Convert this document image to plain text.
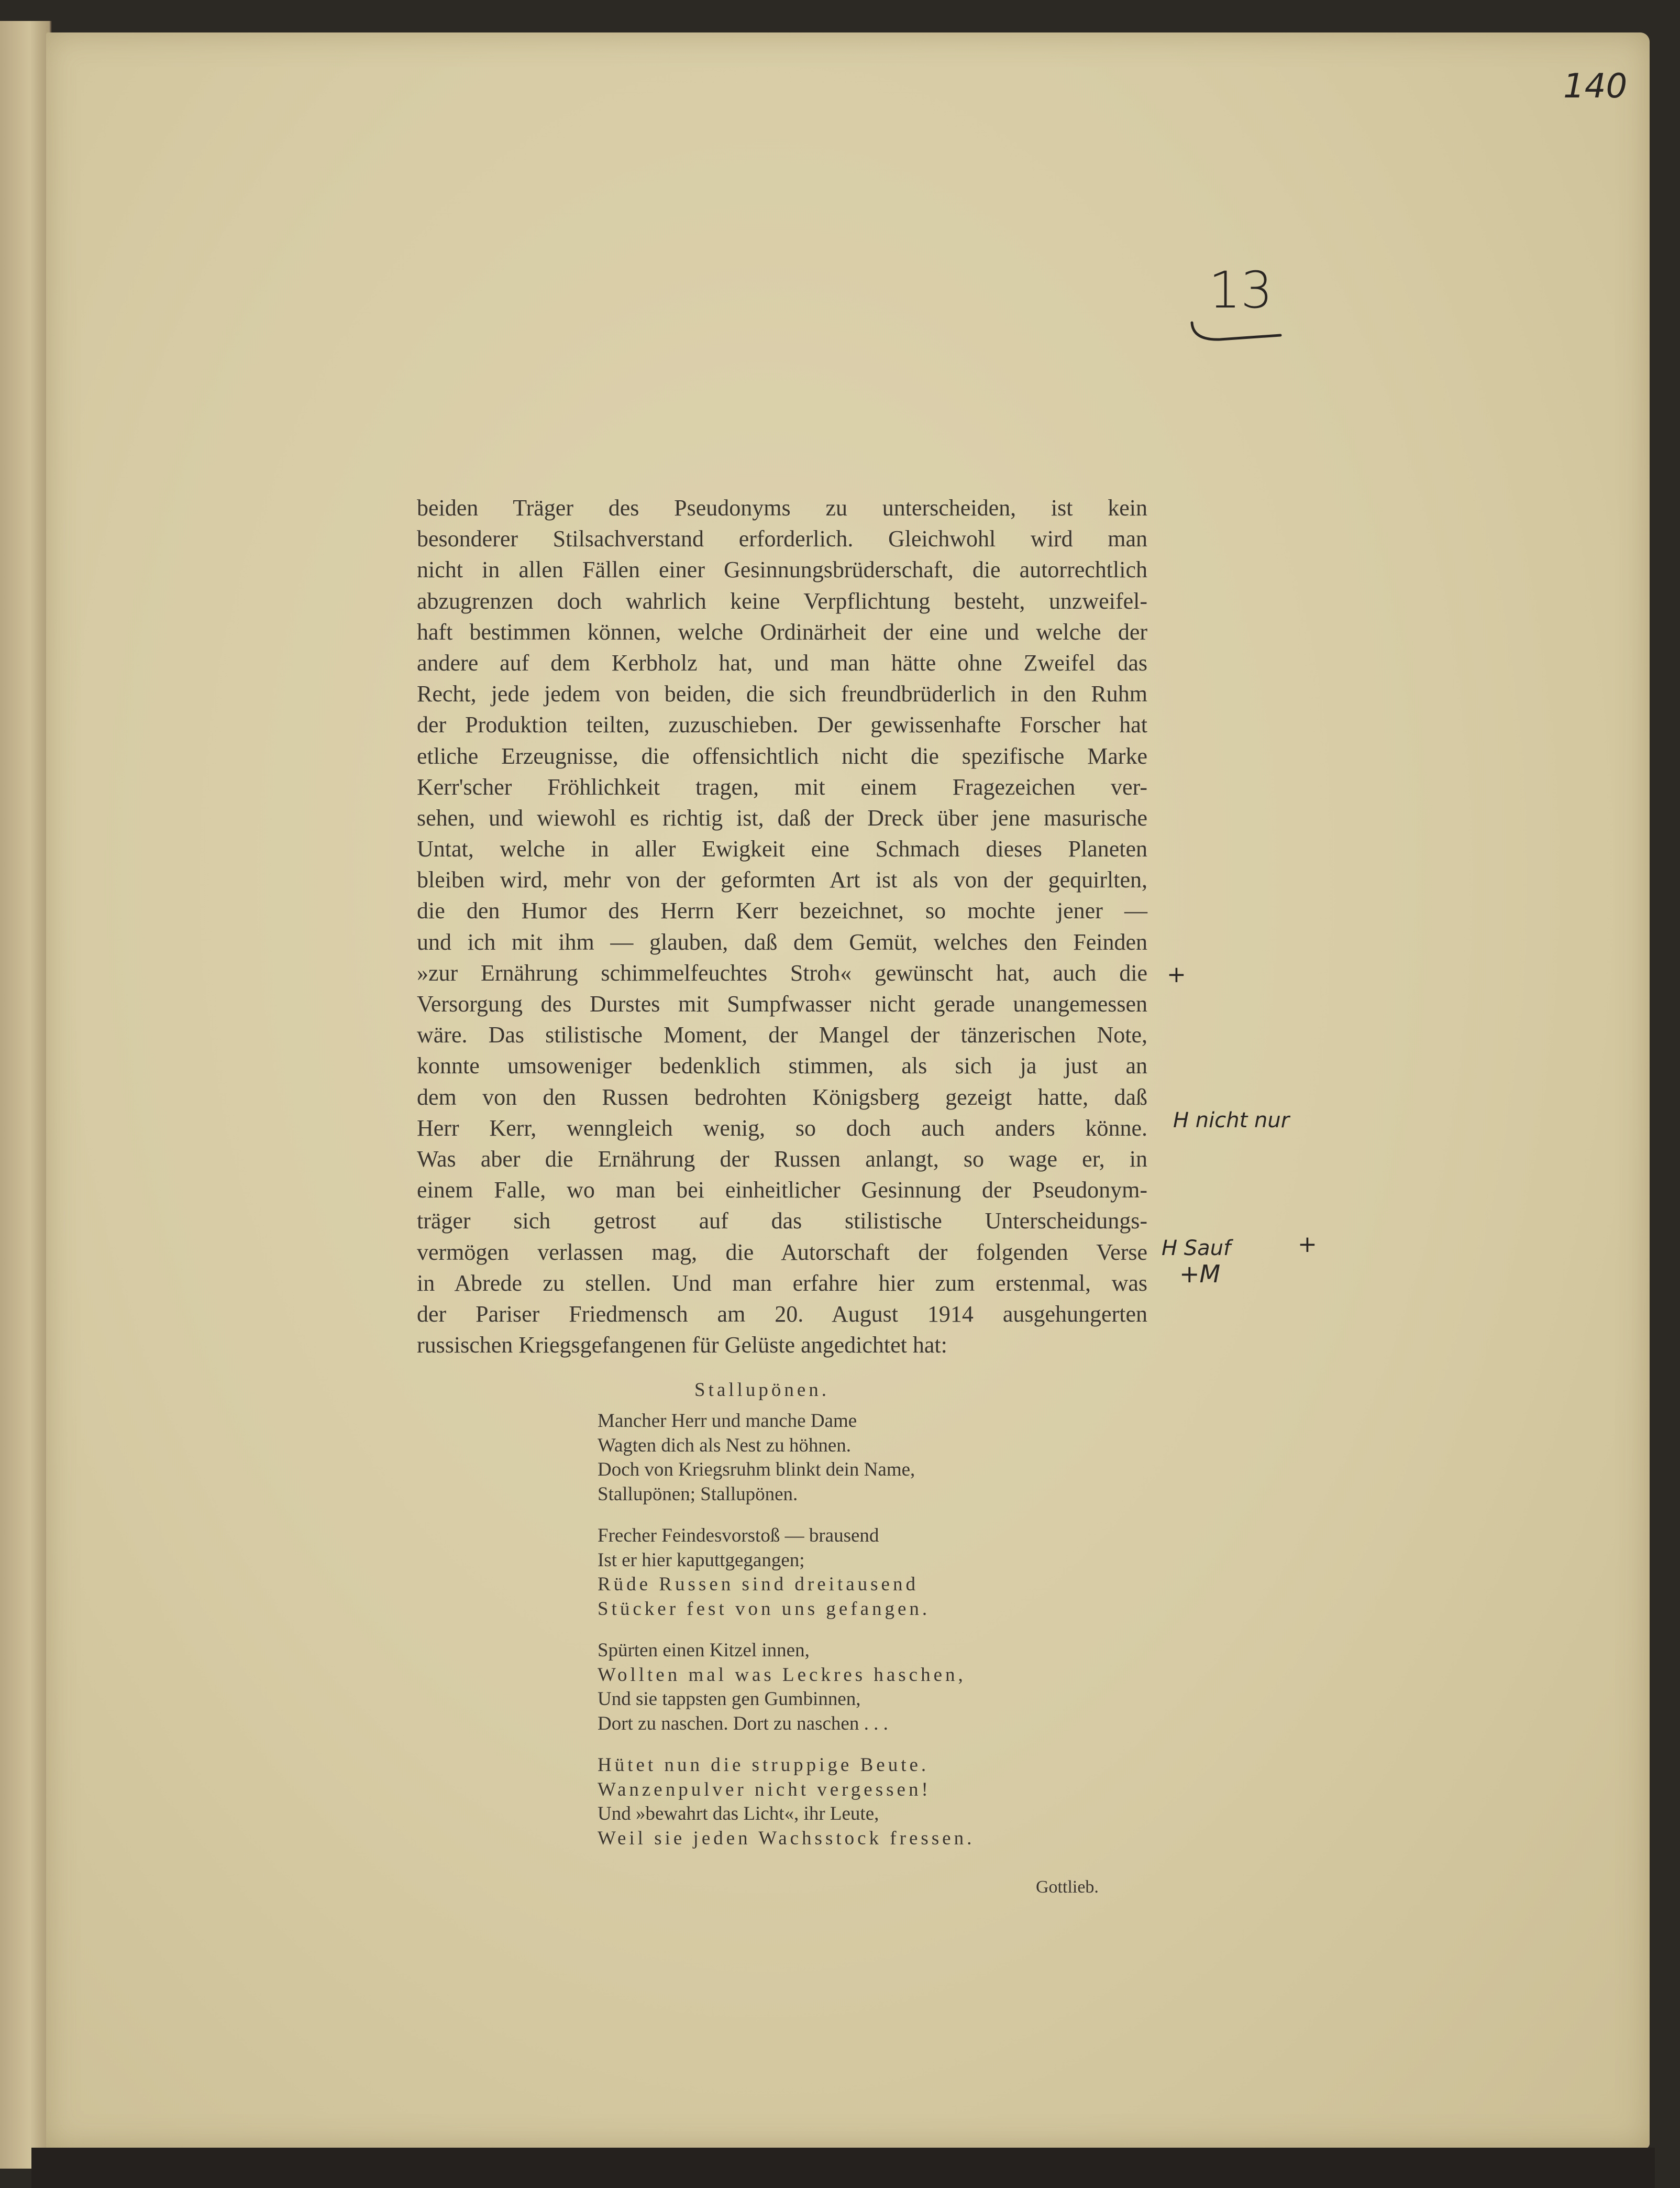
140
13
beiden Träger des Pseudonyms zu unterscheiden, ist kein
besonderer Stilsachverstand erforderlich. Gleichwohl wird man
nicht in allen Fällen einer Gesinnungsbrüderschaft, die autorrechtlich
abzugrenzen doch wahrlich keine Verpflichtung besteht, unzweifel-
haft bestimmen können, welche Ordinärheit der eine und welche der
andere auf dem Kerbholz hat, und man hätte ohne Zweifel das
Recht, jede jedem von beiden, die sich freundbrüderlich in den Ruhm
der Produktion teilten, zuzuschieben. Der gewissenhafte Forscher hat
etliche Erzeugnisse, die offensichtlich nicht die spezifische Marke
Kerr'scher Fröhlichkeit tragen, mit einem Fragezeichen ver-
sehen, und wiewohl es richtig ist, daß der Dreck über jene masurische
Untat, welche in aller Ewigkeit eine Schmach dieses Planeten
bleiben wird, mehr von der geformten Art ist als von der gequirlten,
die den Humor des Herrn Kerr bezeichnet, so mochte jener —
und ich mit ihm — glauben, daß dem Gemüt, welches den Feinden
»zur Ernährung schimmelfeuchtes Stroh« gewünscht hat, auch die
Versorgung des Durstes mit Sumpfwasser nicht gerade unangemessen
wäre. Das stilistische Moment, der Mangel der tänzerischen Note,
konnte umsoweniger bedenklich stimmen, als sich ja just an
dem von den Russen bedrohten Königsberg gezeigt hatte, daß
Herr Kerr, wenngleich wenig, so doch auch anders könne.
Was aber die Ernährung der Russen anlangt, so wage er, in
einem Falle, wo man bei einheitlicher Gesinnung der Pseudonym-
träger sich getrost auf das stilistische Unterscheidungs-
vermögen verlassen mag, die Autorschaft der folgenden Verse
in Abrede zu stellen. Und man erfahre hier zum erstenmal, was
der Pariser Friedmensch am 20. August 1914 ausgehungerten
russischen Kriegsgefangenen für Gelüste angedichtet hat:
Stallupönen.
Mancher Herr und manche Dame
Wagten dich als Nest zu höhnen.
Doch von Kriegsruhm blinkt dein Name,
Stallupönen; Stallupönen.
Frecher Feindesvorstoß — brausend
Ist er hier kaputtgegangen;
Rüde Russen sind dreitausend
Stücker fest von uns gefangen.
Spürten einen Kitzel innen,
Wollten mal was Leckres haschen,
Und sie tappsten gen Gumbinnen,
Dort zu naschen. Dort zu naschen . . .
Hütet nun die struppige Beute.
Wanzenpulver nicht vergessen!
Und »bewahrt das Licht«, ihr Leute,
Weil sie jeden Wachsstock fressen.
Gottlieb.
+
H nicht nur
H Sauf
+M
+
